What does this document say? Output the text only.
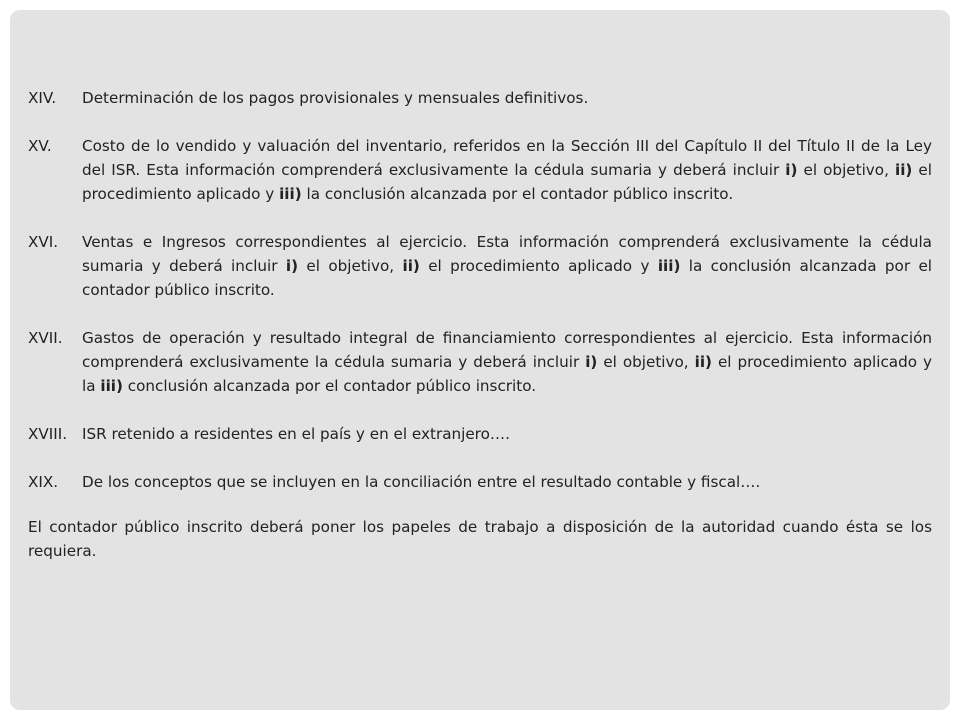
XIV.	Determinación de los pagos provisionales y mensuales definitivos.
XV.	Costo de lo vendido y valuación del inventario, referidos en la Sección III del Capítulo II del Título II de la Ley del ISR. Esta información comprenderá exclusivamente la cédula sumaria y deberá incluir i) el objetivo, ii) el procedimiento aplicado y iii) la conclusión alcanzada por el contador público inscrito.
XVI.	Ventas e Ingresos correspondientes al ejercicio. Esta información comprenderá exclusivamente la cédula sumaria y deberá incluir i) el objetivo, ii) el procedimiento aplicado y iii) la conclusión alcanzada por el contador público inscrito.
XVII.	Gastos de operación y resultado integral de financiamiento correspondientes al ejercicio. Esta información comprenderá exclusivamente la cédula sumaria y deberá incluir i) el objetivo, ii) el procedimiento aplicado y la iii) conclusión alcanzada por el contador público inscrito.
XVIII. ISR retenido a residentes en el país y en el extranjero….
XIX.	De los conceptos que se incluyen en la conciliación entre el resultado contable y fiscal….
El contador público inscrito deberá poner los papeles de trabajo a disposición de la autoridad cuando ésta se los requiera.
